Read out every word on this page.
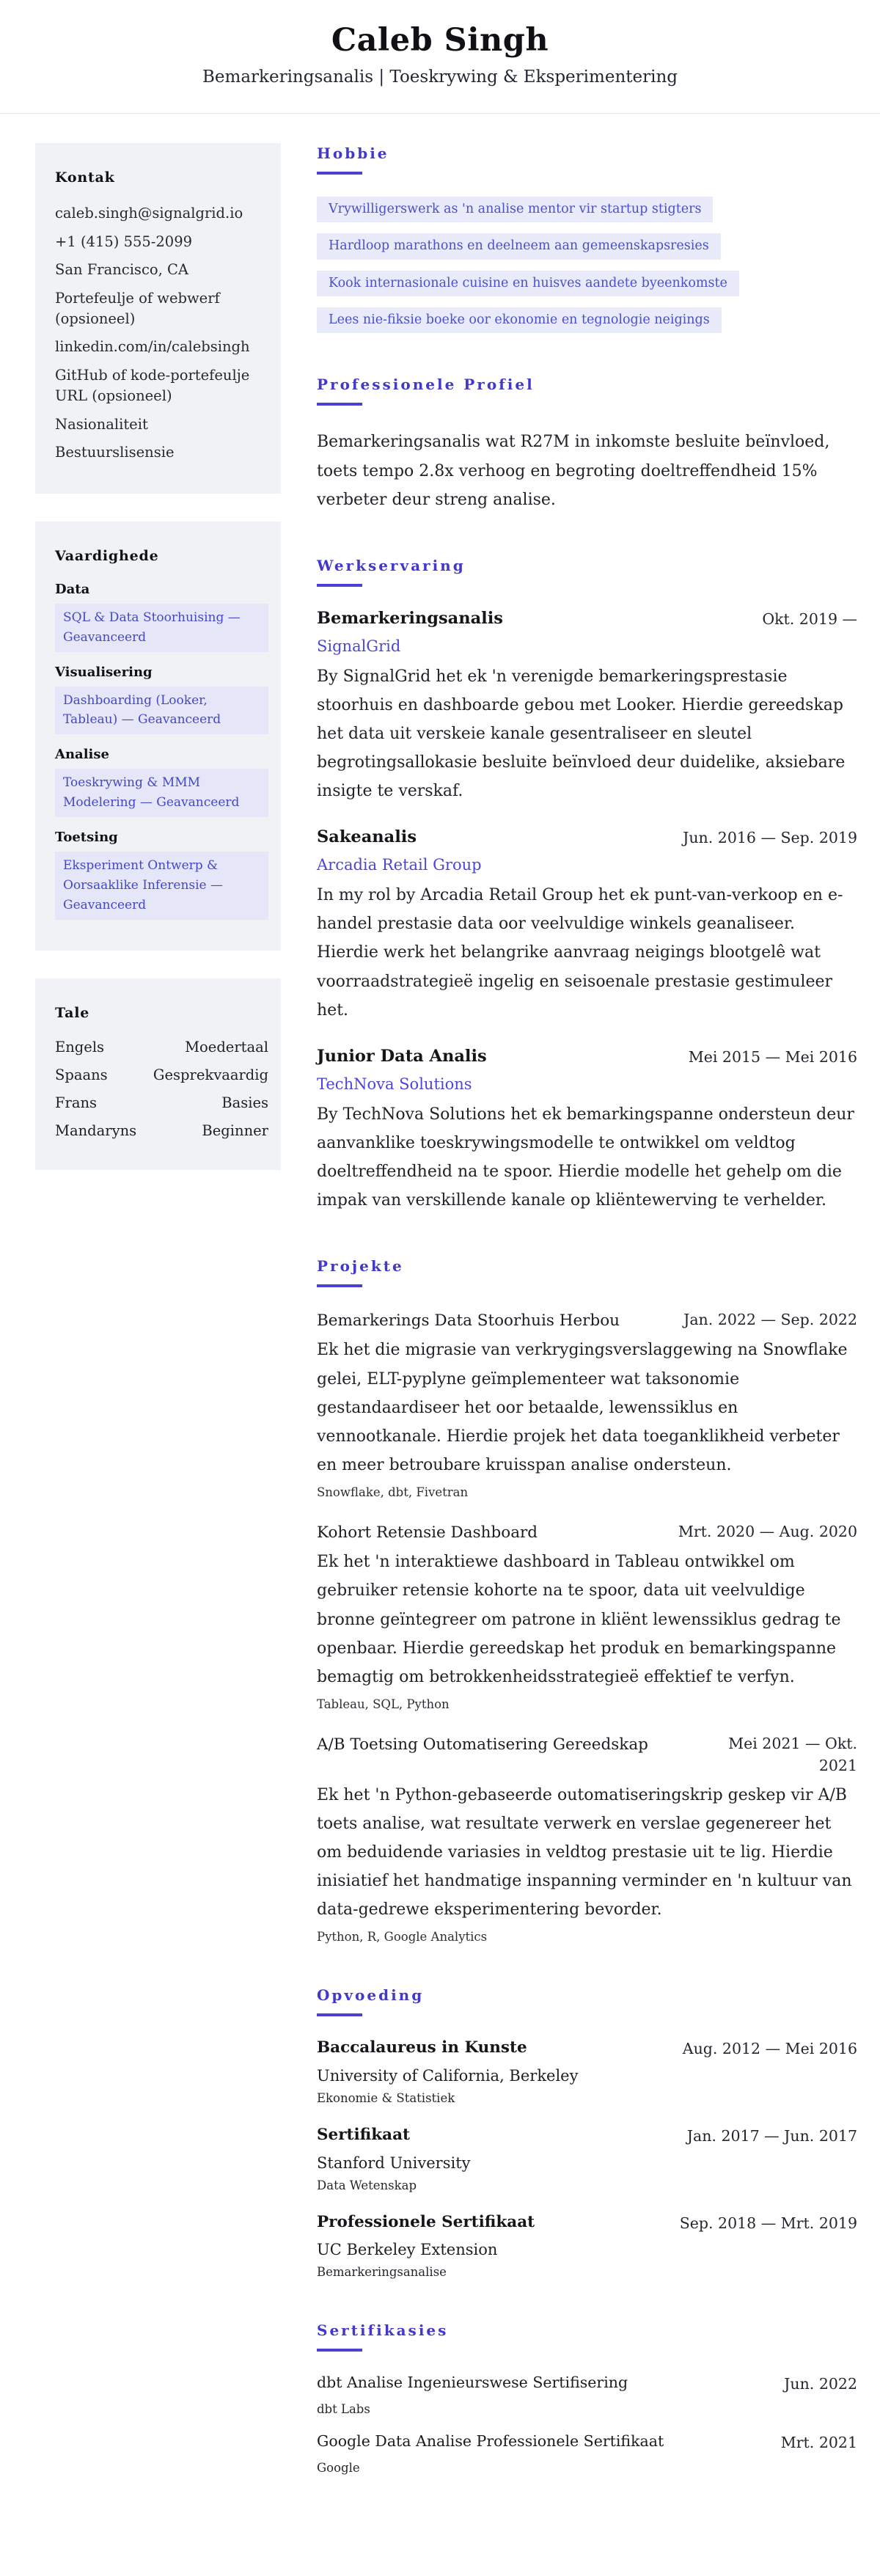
Caleb Singh
Bemarkeringsanalis | Toeskrywing & Eksperimentering
Kontak
caleb.singh@signalgrid.io
+1 (415) 555-2099
San Francisco, CA
Portefeulje of webwerf (opsioneel)
linkedin.com/in/calebsingh
GitHub of kode-portefeulje URL (opsioneel)
Nasionaliteit
Bestuurslisensie
Vaardighede
Data
SQL & Data Stoorhuising — Geavanceerd
Visualisering
Dashboarding (Looker, Tableau) — Geavanceerd
Analise
Toeskrywing & MMM Modelering — Geavanceerd
Toetsing
Eksperiment Ontwerp & Oorsaaklike Inferensie — Geavanceerd
Tale
Engels	Moedertaal
Spaans	Gesprekvaardig
Frans	Basies
Mandaryns	Beginner
Hobbie
Vrywilligerswerk as 'n analise mentor vir startup stigters
Hardloop marathons en deelneem aan gemeenskapsresies
Kook internasionale cuisine en huisves aandete byeenkomste
Lees nie-fiksie boeke oor ekonomie en tegnologie neigings
Professionele Profiel

Bemarkeringsanalis wat R27M in inkomste besluite beïnvloed, toets tempo 2.8x verhoog en begroting doeltreffendheid 15% verbeter deur streng analise.

Werkservaring
Bemarkeringsanalis	Okt. 2019 —
SignalGrid

By SignalGrid het ek 'n verenigde bemarkeringsprestasie stoorhuis en dashboarde gebou met Looker. Hierdie gereedskap het data uit verskeie kanale gesentraliseer en sleutel begrotingsallokasie besluite beïnvloed deur duidelike, aksiebare insigte te verskaf.

Sakeanalis	Jun. 2016 — Sep. 2019
Arcadia Retail Group

In my rol by Arcadia Retail Group het ek punt-van-verkoop en e-handel prestasie data oor veelvuldige winkels geanaliseer. Hierdie werk het belangrike aanvraag neigings blootgelê wat voorraadstrategieë ingelig en seisoenale prestasie gestimuleer het.

Junior Data Analis	Mei 2015 — Mei 2016
TechNova Solutions

By TechNova Solutions het ek bemarkingspanne ondersteun deur aanvanklike toeskrywingsmodelle te ontwikkel om veldtog doeltreffendheid na te spoor. Hierdie modelle het gehelp om die impak van verskillende kanale op kliëntewerving te verhelder.

Projekte
Bemarkerings Data Stoorhuis Herbou	Jan. 2022 — Sep. 2022

Ek het die migrasie van verkrygingsverslaggewing na Snowflake gelei, ELT-pyplyne geïmplementeer wat taksonomie gestandaardiseer het oor betaalde, lewenssiklus en vennootkanale. Hierdie projek het data toeganklikheid verbeter en meer betroubare kruisspan analise ondersteun.

Snowflake, dbt, Fivetran
Kohort Retensie Dashboard	Mrt. 2020 — Aug. 2020

Ek het 'n interaktiewe dashboard in Tableau ontwikkel om gebruiker retensie kohorte na te spoor, data uit veelvuldige bronne geïntegreer om patrone in kliënt lewenssiklus gedrag te openbaar. Hierdie gereedskap het produk en bemarkingspanne bemagtig om betrokkenheidsstrategieë effektief te verfyn.

Tableau, SQL, Python
A/B Toetsing Outomatisering Gereedskap	Mei 2021 — Okt. 2021

Ek het 'n Python-gebaseerde outomatiseringskrip geskep vir A/B toets analise, wat resultate verwerk en verslae gegenereer het om beduidende variasies in veldtog prestasie uit te lig. Hierdie inisiatief het handmatige inspanning verminder en 'n kultuur van data-gedrewe eksperimentering bevorder.

Python, R, Google Analytics
Opvoeding
Baccalaureus in Kunste	Aug. 2012 — Mei 2016
University of California, Berkeley
Ekonomie & Statistiek
Sertifikaat	Jan. 2017 — Jun. 2017
Stanford University
Data Wetenskap
Professionele Sertifikaat	Sep. 2018 — Mrt. 2019
UC Berkeley Extension
Bemarkeringsanalise
Sertifikasies
dbt Analise Ingenieurswese Sertifisering	Jun. 2022
dbt Labs
Google Data Analise Professionele Sertifikaat	Mrt. 2021
Google
